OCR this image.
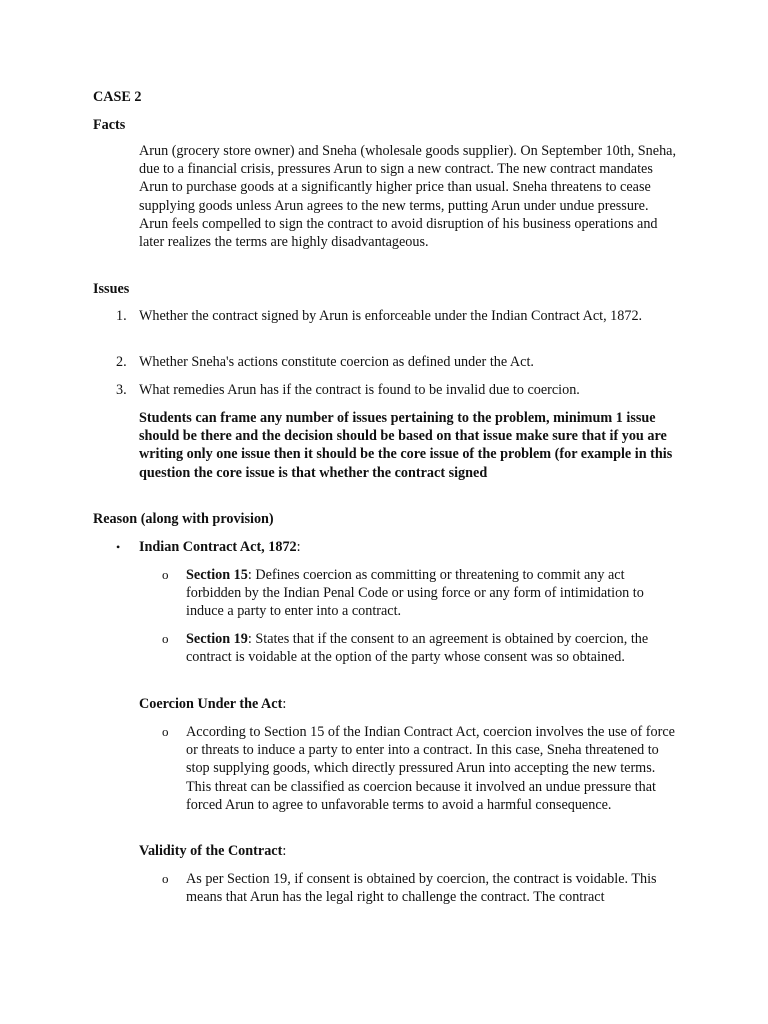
CASE 2

Facts

Arun (grocery store owner) and Sneha (wholesale goods supplier). On September 10th, Sneha, due to a financial crisis, pressures Arun to sign a new contract. The new contract mandates Arun to purchase goods at a significantly higher price than usual. Sneha threatens to cease supplying goods unless Arun agrees to the new terms, putting Arun under undue pressure. Arun feels compelled to sign the contract to avoid disruption of his business operations and later realizes the terms are highly disadvantageous.

Issues

1. Whether the contract signed by Arun is enforceable under the Indian Contract Act, 1872.

2. Whether Sneha's actions constitute coercion as defined under the Act.

3. What remedies Arun has if the contract is found to be invalid due to coercion.

Students can frame any number of issues pertaining to the problem, minimum 1 issue should be there and the decision should be based on that issue make sure that if you are writing only one issue then it should be the core issue of the problem (for example in this question the core issue is that whether the contract signed

Reason (along with provision)

• Indian Contract Act, 1872:

o Section 15: Defines coercion as committing or threatening to commit any act forbidden by the Indian Penal Code or using force or any form of intimidation to induce a party to enter into a contract.

o Section 19: States that if the consent to an agreement is obtained by coercion, the contract is voidable at the option of the party whose consent was so obtained.

Coercion Under the Act:

o According to Section 15 of the Indian Contract Act, coercion involves the use of force or threats to induce a party to enter into a contract. In this case, Sneha threatened to stop supplying goods, which directly pressured Arun into accepting the new terms. This threat can be classified as coercion because it involved an undue pressure that forced Arun to agree to unfavorable terms to avoid a harmful consequence.

Validity of the Contract:

o As per Section 19, if consent is obtained by coercion, the contract is voidable. This means that Arun has the legal right to challenge the contract. The contract
